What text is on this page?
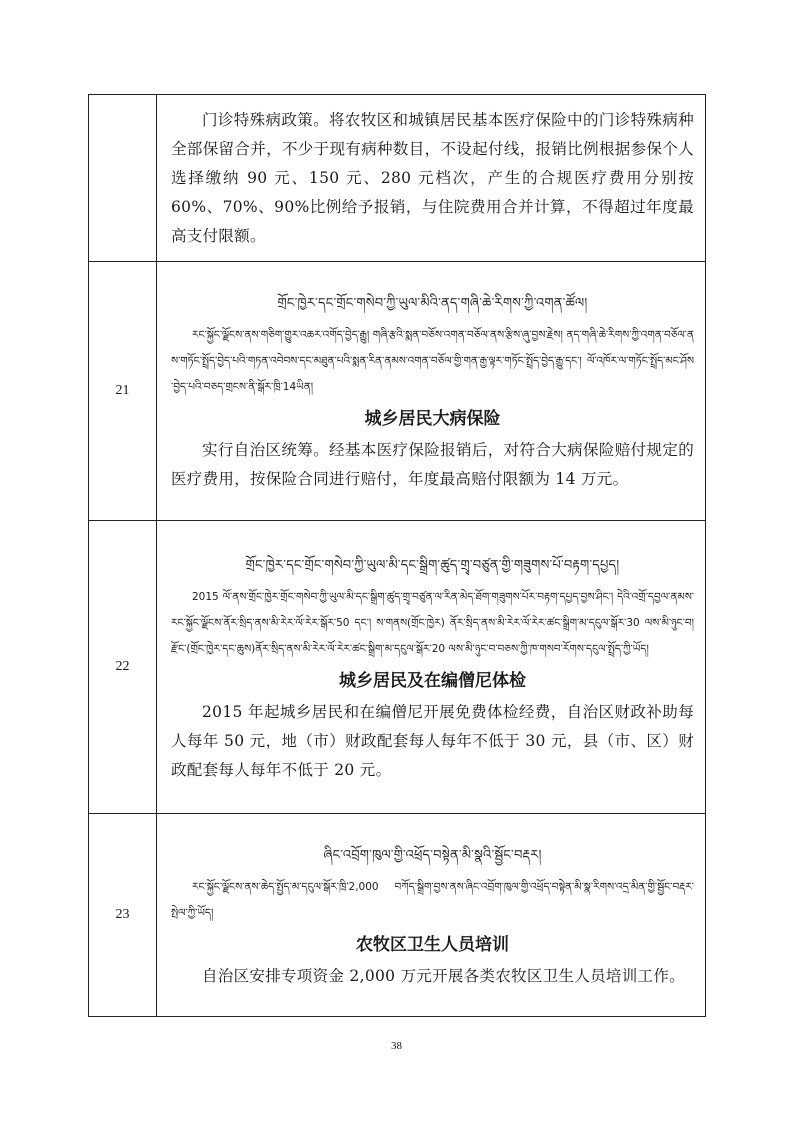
	门诊特殊病政策。将农牧区和城镇居民基本医疗保险中的门诊特殊病种全部保留合并，不少于现有病种数目，不设起付线，报销比例根据参保个人选择缴纳 90 元、150 元、280 元档次，产生的合规医疗费用分别按 60%、70%、90%比例给予报销，与住院费用合并计算，不得超过年度最高支付限额。

21	གྲོང་ཁྱེར་དང་གྲོང་གསེབ་ཀྱི་ཡུལ་མིའི་ནད་གཞི་ཆེ་རིགས་ཀྱི་འགན་ཚོལ།

རང་སྐྱོང་ལྗོངས་ནས་གཅིག་གྱུར་འཆར་འགོད་བྱེད་རྒྱུ། གཞི་རྩའི་སྨན་བཅོས་འགན་བཅོལ་ནས་རྩིས་ཞུ་བྱས་རྗེས། ནད་གཞི་ཆེ་རིགས་ཀྱི་འགན་བཅོལ་ནས་གཏོང་སྤྲོད་བྱེད་པའི་གཏན་འབེབས་དང་མཐུན་པའི་སྨན་རིན་ནམས་འགན་བཅོལ་གྱི་གན་རྒྱ་ལྟར་གཏོང་སྤྲོད་བྱེད་རྒྱུ་དང་། ལོ་འཁོར་ལ་གཏོང་སྤྲོད་མང་ཤོས་བྱེད་པའི་བཅད་གྲངས་ནི་སྒོར་ཁྲི་14ཡིན།

城乡居民大病保险

实行自治区统筹。经基本医疗保险报销后，对符合大病保险赔付规定的医疗费用，按保险合同进行赔付，年度最高赔付限额为 14 万元。

22	གྲོང་ཁྱེར་དང་གྲོང་གསེབ་ཀྱི་ཡུལ་མི་དང་སྒྲིག་ཚུད་གྲྭ་བཙུན་གྱི་གཟུགས་པོ་བརྟག་དཔྱད།

2015 ལོ་ནས་གྲོང་ཁྱེར་གྲོང་གསེབ་ཀྱི་ཡུལ་མི་དང་སྒྲིག་ཚུད་གྲྭ་བཙུན་ལ་རིན་མེད་ཐོག་གཟུགས་པོར་བརྟག་དཔྱད་བྱས་ཤིང་། དེའི་འགྲོ་དབྱལ་ནམས་རང་སྐྱོང་ལྗོངས་ནོར་སྲིད་ནས་མི་རེར་ལོ་རེར་སྒོར་50 དང་། ས་གནས(གྲོང་ཁྱེར) ནོར་སྲིད་ནས་མི་རེར་ལོ་རེར་ཚང་སྒྲིག་མ་དངུལ་སྒོར་30 ལས་མི་ཉུང་བ། རྫོང་(གྲོང་ཁྱེར་དང་ཆུས)ནོར་སྲིད་ནས་མི་རེར་ལོ་རེར་ཚང་སྒྲིག་མ་དངུལ་སྒོར་20 ལས་མི་ཉུང་བ་བཅས་ཀྱི་ཁ་གསབ་རོགས་དངུལ་སྤྲོད་ཀྱི་ཡོད།

城乡居民及在编僧尼体检

2015 年起城乡居民和在编僧尼开展免费体检经费，自治区财政补助每人每年 50 元，地（市）财政配套每人每年不低于 30 元，县（市、区）财政配套每人每年不低于 20 元。

23	ཞིང་འབྲོག་ཁུལ་གྱི་འཕྲོད་བསྟེན་མི་སྣའི་སྦྱོང་བརྡར།

རང་སྐྱོང་ལྗོངས་ནས་ཆེད་སྤྱོད་མ་དངུལ་སྒོར་ཁྲི་2,000 བཀོད་སྒྲིག་བྱས་ནས་ཞིང་འབྲོག་ཁུལ་གྱི་འཕྲོད་བསྟེན་མི་སྣ་རིགས་འདྲ་མིན་གྱི་སྦྱོང་བརྡར་སྤེལ་ཀྱི་ཡོད།

农牧区卫生人员培训

自治区安排专项资金 2,000 万元开展各类农牧区卫生人员培训工作。

38
